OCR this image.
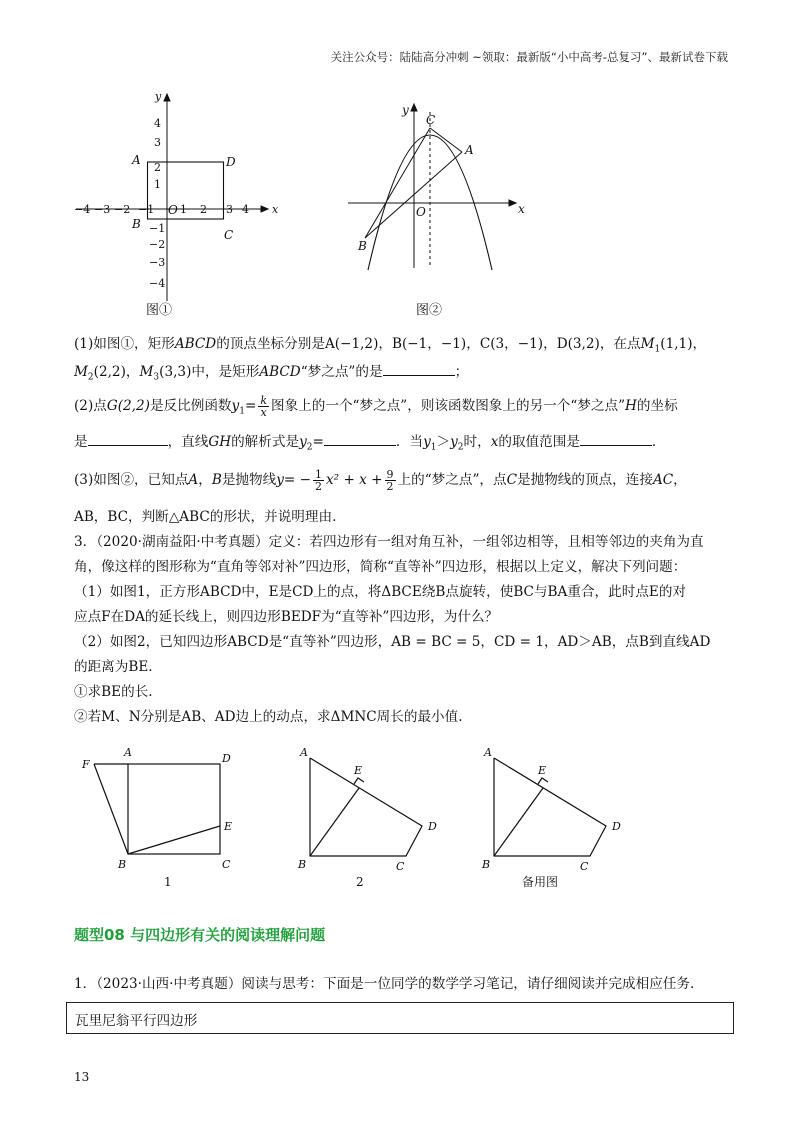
关注公众号：陆陆高分冲刺 ~领取：最新版“小中高考-总复习”、最新试卷下载
x
y
A	D
B
C
O
−4 −3 −2 −1 1 2 3 4
4
3
2
1
−1
−2
−3
−4
图①
x
y
C
A
B
O
图②
(1)如图①，矩形ABCD的顶点坐标分别是A(−1,2)，B(−1，−1)，C(3，−1)，D(3,2)，在点$M_1(1,1)$，
$M_2(2,2)$，$M_3(3,3)$中，是矩形ABCD“梦之点”的是	；
(2)点G(2,2)是反比例函数$y_1= \frac{k}{x}$ 图象上的一个“梦之点”，则该函数图象上的另一个“梦之点”H的坐标
是	，直线GH的解析式是$y_2=$	．当$y_1>y_2$时，x的取值范围是	．
(3)如图②，已知点A，B是抛物线$y= - \frac{1}{2} x^2 + x + \frac{9}{2}$ 上的“梦之点”，点C是抛物线的顶点，连接AC，
AB，BC，判断△ABC的形状，并说明理由.
3．（2020·湖南益阳·中考真题）定义：若四边形有一组对角互补，一组邻边相等，且相等邻边的夹角为直
角，像这样的图形称为“直角等邻对补”四边形，简称“直等补”四边形，根据以上定义，解决下列问题：
（1）如图1，正方形ABCD中，E是CD上的点，将ΔBCE绕B点旋转，使BC与BA重合，此时点E的对
应点F在DA的延长线上，则四边形BEDF为“直等补”四边形，为什么？
（2）如图2，已知四边形ABCD是“直等补”四边形，AB = BC = 5，CD = 1，AD＞AB，点B到直线AD
的距离为BE.
①求BE的长.
②若M、N分别是AB、AD边上的动点，求ΔMNC周长的最小值.
F
A	D
E
B	C
1
A
E
D
B	C
2
A
E
D
B	C
备用图
题型08 与四边形有关的阅读理解问题
1．（2023·山西·中考真题）阅读与思考：下面是一位同学的数学学习笔记，请仔细阅读并完成相应任务.
瓦里尼翁平行四边形
13
